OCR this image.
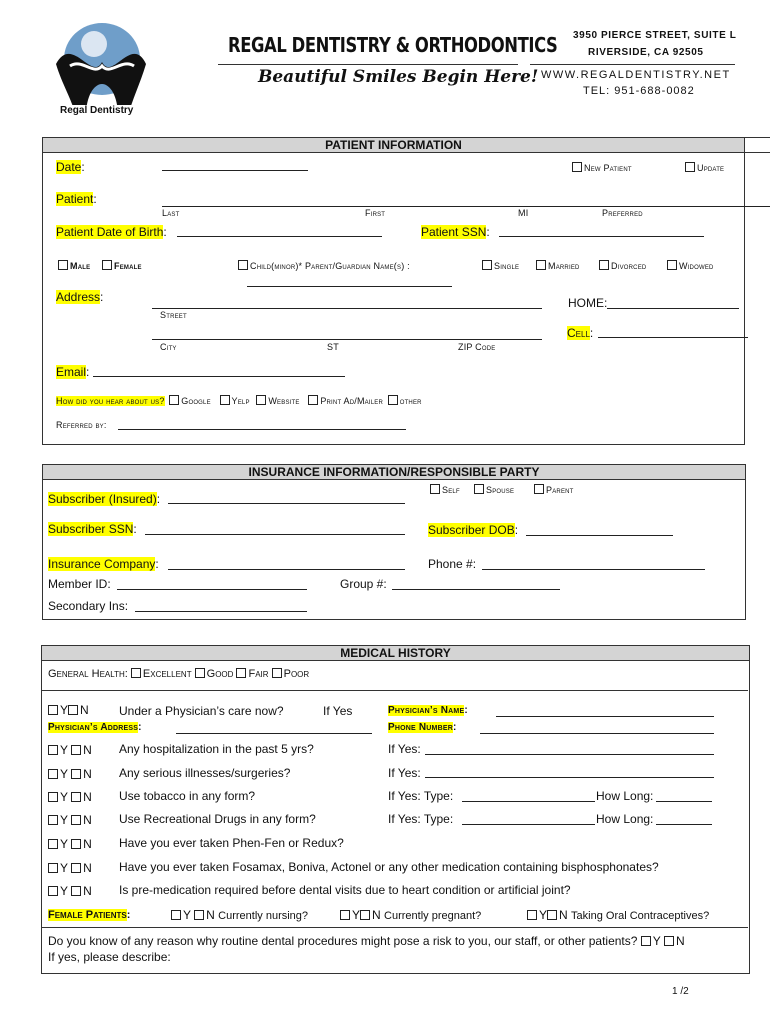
Regal Dentistry
REGAL DENTISTRY & ORTHODONTICS
Beautiful Smiles Begin Here!
3950 PIERCE STREET, SUITE L
RIVERSIDE, CA 92505
WWW.REGALDENTISTRY.NET
TEL: 951-688-0082
PATIENT INFORMATION
Date:	New Patient	Update
Patient:
Last	First	MI	Preferred
Patient Date of Birth:	Patient SSN:
Male	Female	Child(minor)* Parent/Guardian Name(s) :	Single	Married	Divorced	Widowed
Address:	HOME:
Street
Cell:
City	ST	ZIP Code
Email:
How did you hear about us? Google Yelp Website Print Ad/Mailer other
Referred by:
INSURANCE INFORMATION/RESPONSIBLE PARTY
Subscriber (Insured):
Self	Spouse	Parent
Subscriber SSN:	Subscriber DOB:
Insurance Company:	Phone #:
Member ID:	Group #:
Secondary Ins:
MEDICAL HISTORY
General Health: Excellent Good Fair Poor
Y N	Under a Physician’s care now?	If Yes	Physician’s Name:
Physician’s Address:	Phone Number:
Y N Any hospitalization in the past 5 yrs?	If Yes:
Y N Any serious illnesses/surgeries?	If Yes:
Y N Use tobacco in any form?	If Yes: Type:	How Long:
Y N Use Recreational Drugs in any form?	If Yes: Type:	How Long:
Y N Have you ever taken Phen-Fen or Redux?
Y N Have you ever taken Fosamax, Boniva, Actonel or any other medication containing bisphosphonates?
Y N Is pre-medication required before dental visits due to heart condition or artificial joint?
Female Patients:	Y N Currently nursing?	Y N Currently pregnant?	Y N Taking Oral Contraceptives?
Do you know of any reason why routine dental procedures might pose a risk to you, our staff, or other patients? Y N
If yes, please describe:
1 /2
